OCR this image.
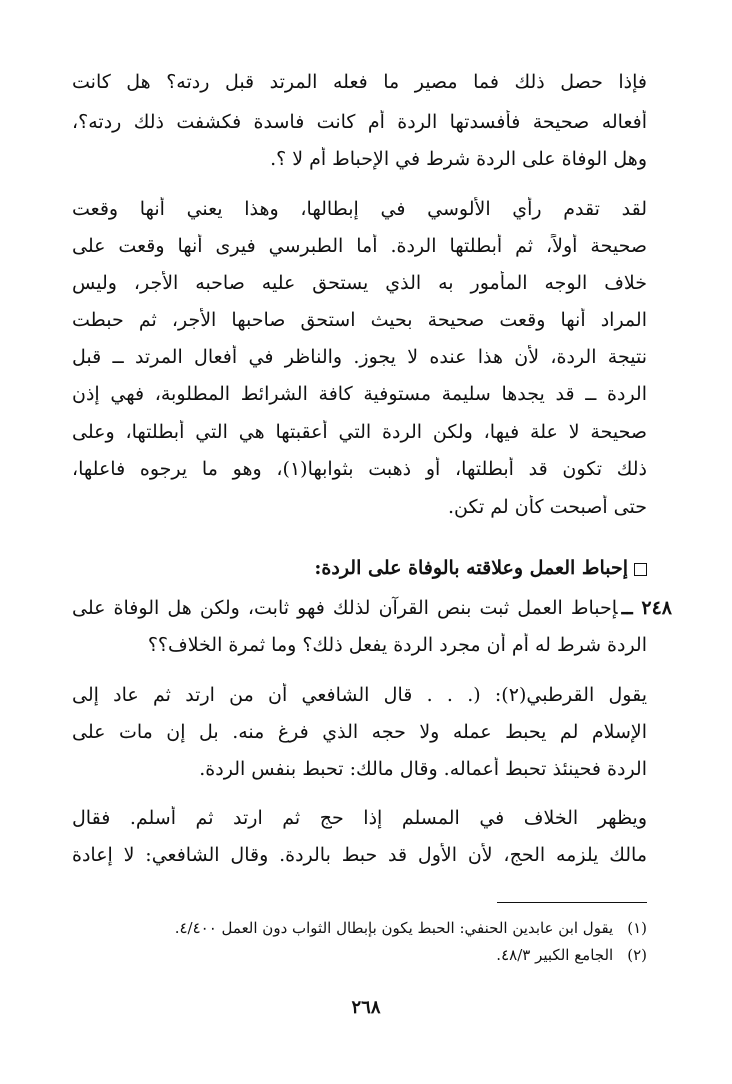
فإذا حصل ذلك فما مصير ما فعله المرتد قبل ردته؟ هل كانت
أفعاله صحيحة فأفسدتها الردة أم كانت فاسدة فكشفت ذلك ردته؟،
وهل الوفاة على الردة شرط في الإحباط أم لا ؟.
لقد تقدم رأي الألوسي في إبطالها، وهذا يعني أنها وقعت
صحيحة أولاً، ثم أبطلتها الردة. أما الطبرسي فيرى أنها وقعت على
خلاف الوجه المأمور به الذي يستحق عليه صاحبه الأجر، وليس
المراد أنها وقعت صحيحة بحيث استحق صاحبها الأجر، ثم حبطت
نتيجة الردة، لأن هذا عنده لا يجوز. والناظر في أفعال المرتد ــ قبل
الردة ــ قد يجدها سليمة مستوفية كافة الشرائط المطلوبة، فهي إذن
صحيحة لا علة فيها، ولكن الردة التي أعقبتها هي التي أبطلتها، وعلى
ذلك تكون قد أبطلتها، أو ذهبت بثوابها(١)، وهو ما يرجوه فاعلها،
حتى أصبحت كأن لم تكن.
إحباط العمل وعلاقته بالوفاة على الردة:
٢٤٨ ــإحباط العمل ثبت بنص القرآن لذلك فهو ثابت، ولكن هل الوفاة على
الردة شرط له أم أن مجرد الردة يفعل ذلك؟ وما ثمرة الخلاف؟؟
يقول القرطبي(٢): (. . . قال الشافعي أن من ارتد ثم عاد إلى
الإسلام لم يحبط عمله ولا حجه الذي فرغ منه. بل إن مات على
الردة فحينئذ تحبط أعماله. وقال مالك: تحبط بنفس الردة.
ويظهر الخلاف في المسلم إذا حج ثم ارتد ثم أسلم. فقال
مالك يلزمه الحج، لأن الأول قد حبط بالردة. وقال الشافعي: لا إعادة
(١)يقول ابن عابدين الحنفي: الحبط يكون بإبطال الثواب دون العمل ٤/٤٠٠.
(٢)الجامع الكبير ٤٨/٣.
٢٦٨
